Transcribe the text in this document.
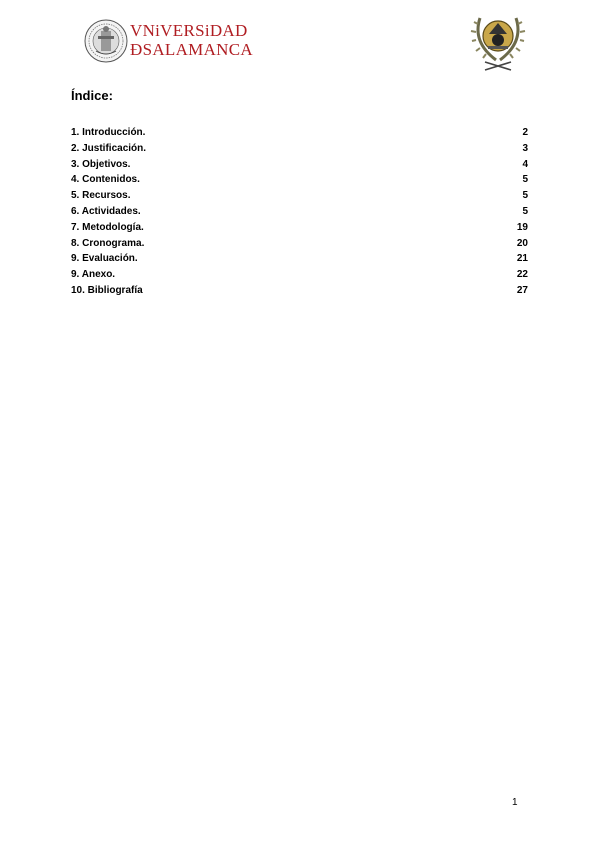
VNiVERSiDAD
ÐSALAMANCA
Índice:
1. Introducción.	2
2. Justificación.	3
3. Objetivos.	4
4. Contenidos.	5
5. Recursos.	5
6. Actividades.	5
7. Metodología.	19
8. Cronograma.	20
9. Evaluación.	21
9. Anexo.	22
10. Bibliografía	27
1
